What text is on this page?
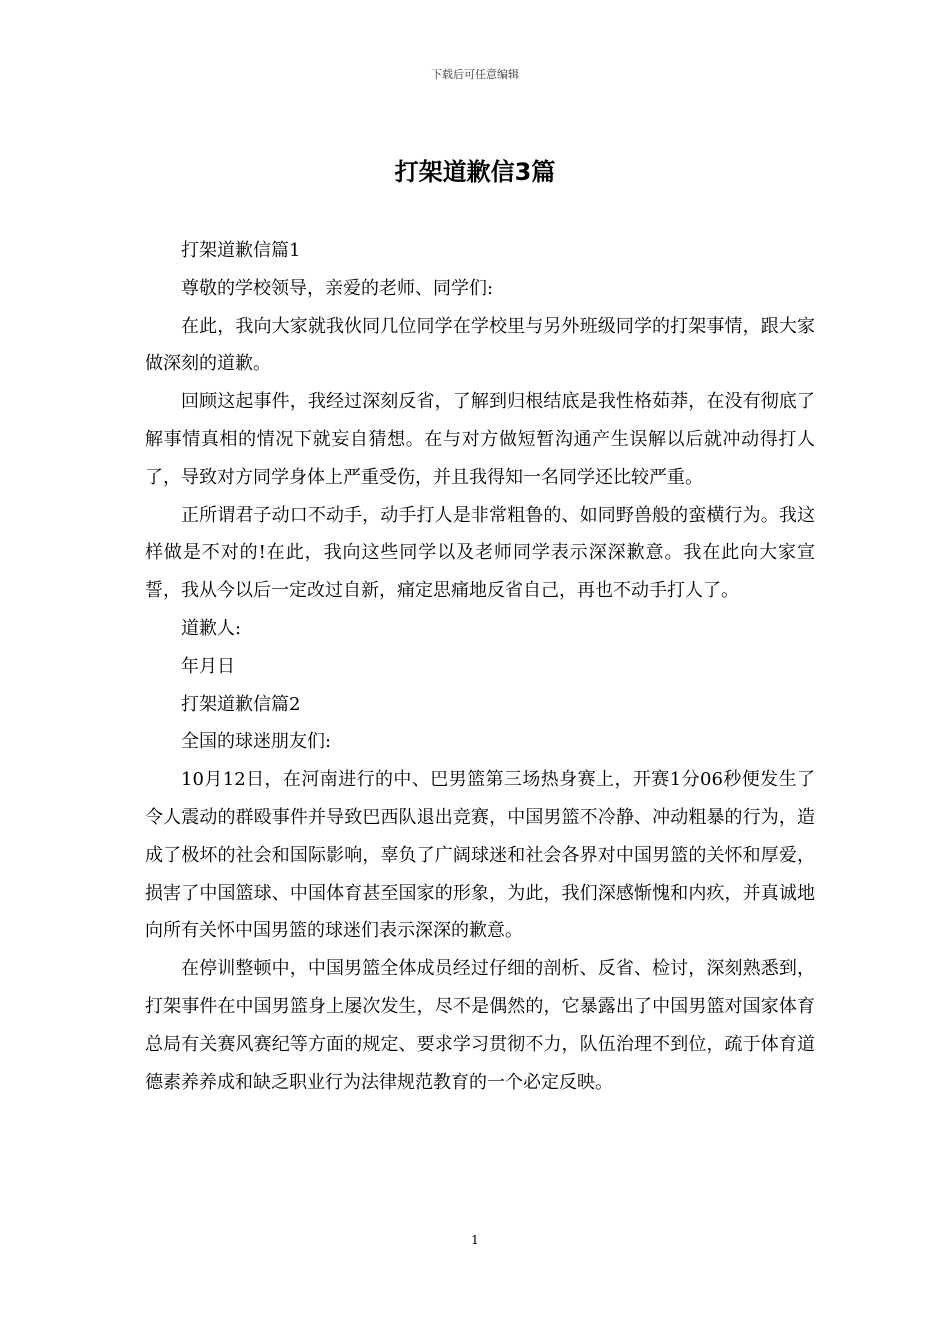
下载后可任意编辑
打架道歉信3篇

打架道歉信篇1

尊敬的学校领导，亲爱的老师、同学们:

在此，我向大家就我伙同几位同学在学校里与另外班级同学的打架事情，跟大家做深刻的道歉。

回顾这起事件，我经过深刻反省，了解到归根结底是我性格茹莽，在没有彻底了解事情真相的情况下就妄自猜想。在与对方做短暂沟通产生误解以后就冲动得打人了，导致对方同学身体上严重受伤，并且我得知一名同学还比较严重。

正所谓君子动口不动手，动手打人是非常粗鲁的、如同野兽般的蛮横行为。我这样做是不对的!在此，我向这些同学以及老师同学表示深深歉意。我在此向大家宣誓，我从今以后一定改过自新，痛定思痛地反省自己，再也不动手打人了。

道歉人:

年月日

打架道歉信篇2

全国的球迷朋友们:

10月12日，在河南进行的中、巴男篮第三场热身赛上，开赛1分06秒便发生了令人震动的群殴事件并导致巴西队退出竞赛，中国男篮不冷静、冲动粗暴的行为，造成了极坏的社会和国际影响，辜负了广阔球迷和社会各界对中国男篮的关怀和厚爱，损害了中国篮球、中国体育甚至国家的形象，为此，我们深感惭愧和内疚，并真诚地向所有关怀中国男篮的球迷们表示深深的歉意。

在停训整顿中，中国男篮全体成员经过仔细的剖析、反省、检讨，深刻熟悉到，打架事件在中国男篮身上屡次发生，尽不是偶然的，它暴露出了中国男篮对国家体育总局有关赛风赛纪等方面的规定、要求学习贯彻不力，队伍治理不到位，疏于体育道德素养养成和缺乏职业行为法律规范教育的一个必定反映。

1
